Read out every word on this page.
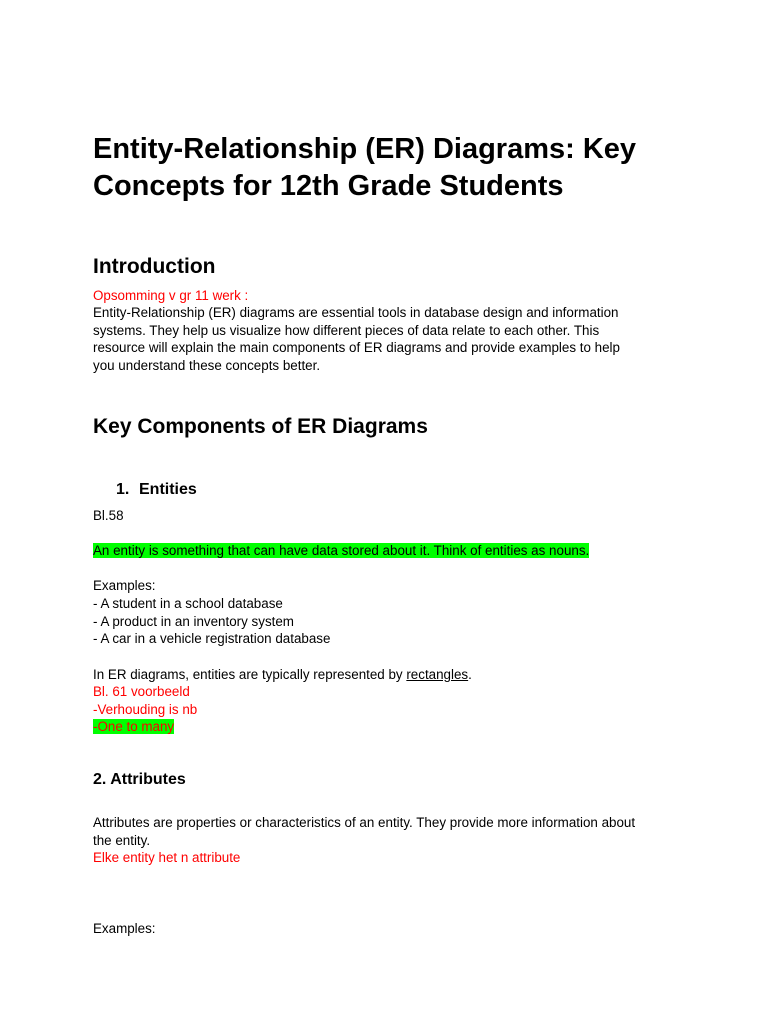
Entity-Relationship (ER) Diagrams: Key
Concepts for 12th Grade Students
Introduction
Opsomming v gr 11 werk :
Entity-Relationship (ER) diagrams are essential tools in database design and information
systems. They help us visualize how different pieces of data relate to each other. This
resource will explain the main components of ER diagrams and provide examples to help
you understand these concepts better.
Key Components of ER Diagrams
1. Entities
Bl.58
An entity is something that can have data stored about it. Think of entities as nouns.
Examples:
- A student in a school database
- A product in an inventory system
- A car in a vehicle registration database
In ER diagrams, entities are typically represented by rectangles.
Bl. 61 voorbeeld
-Verhouding is nb
-One to many
2. Attributes
Attributes are properties or characteristics of an entity. They provide more information about
the entity.
Elke entity het n attribute
Examples:
